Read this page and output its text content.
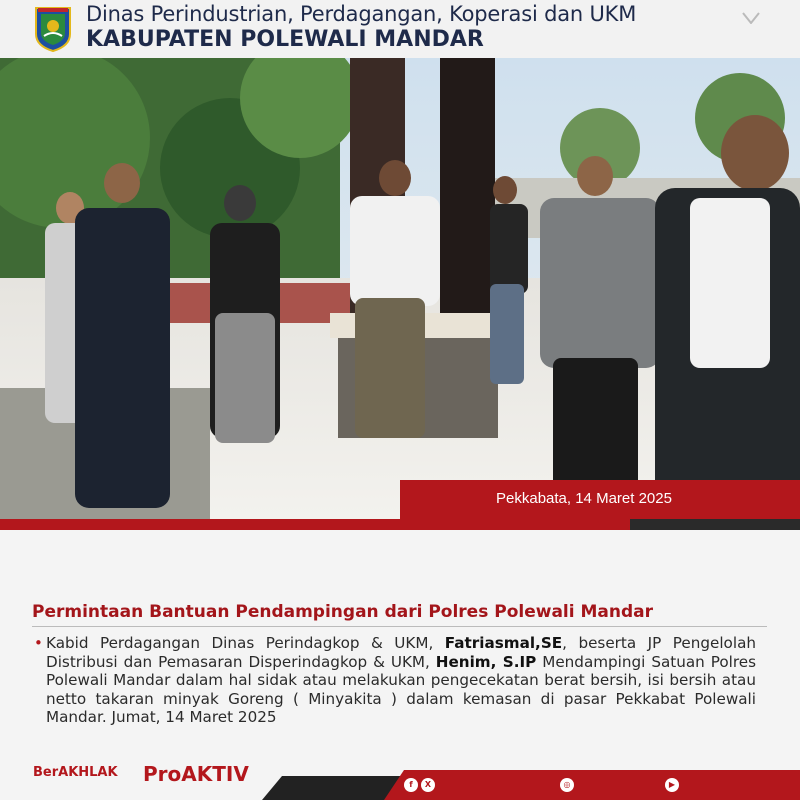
Dinas Perindustrian, Perdagangan, Koperasi dan UKM
KABUPATEN POLEWALI MANDAR
Pekkabata, 14 Maret 2025
Permintaan Bantuan Pendampingan dari Polres Polewali Mandar
• Kabid Perdagangan Dinas Perindagkop & UKM, Fatriasmal,SE, beserta JP Pengelolah Distribusi dan Pemasaran Disperindagkop & UKM, Henim, S.IP Mendampingi Satuan Polres Polewali Mandar dalam hal sidak atau melakukan pengecekatan berat bersih, isi bersih atau netto takaran minyak Goreng ( Minyakita ) dalam kemasan di pasar Pekkabat Polewali Mandar. Jumat, 14 Maret 2025
BerAKHLAK ProAKTIV	f	X	◎	▶
